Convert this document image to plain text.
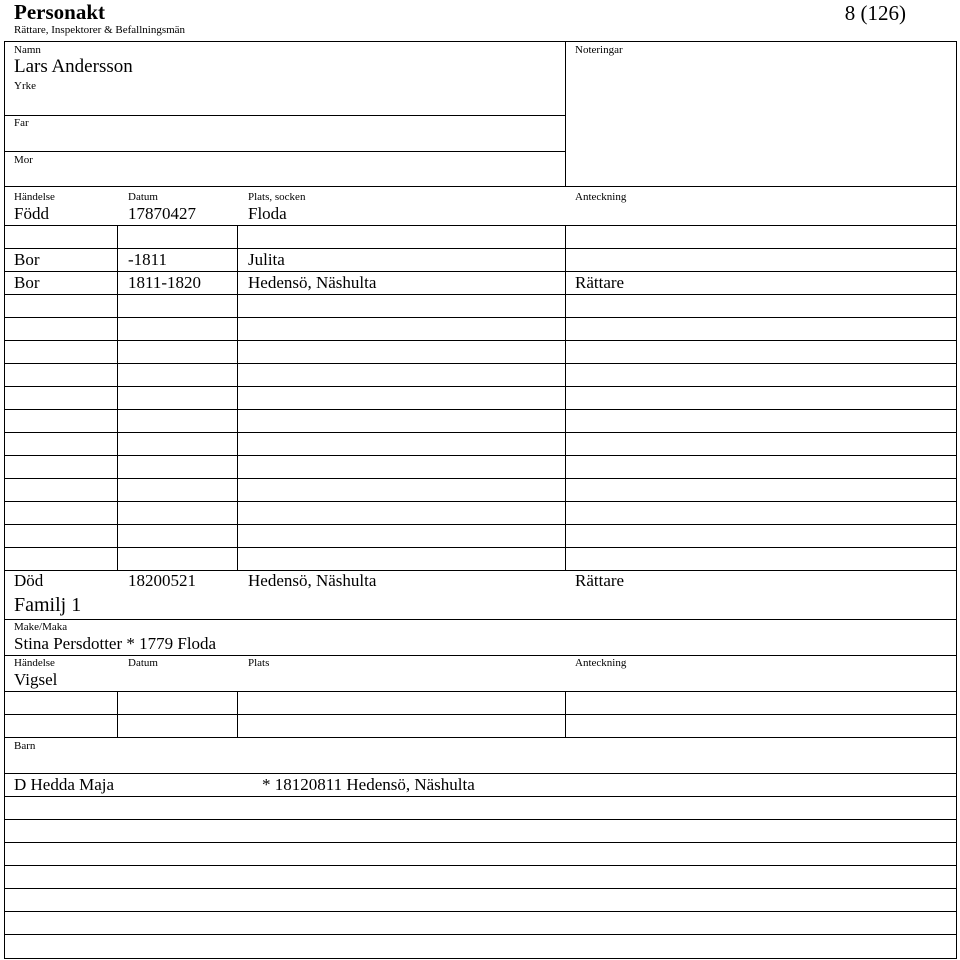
Personakt
Rättare, Inspektorer & Befallningsmän
8 (126)
Namn
Lars Andersson
Yrke
Far
Mor
Noteringar
Händelse	Datum	Plats, socken	Anteckning
Född	17870427	Floda
Bor	-1811	Julita
Bor	1811-1820	Hedensö, Näshulta	Rättare
Död	18200521	Hedensö, Näshulta	Rättare
Familj 1
Make/Maka
Stina Persdotter * 1779 Floda
Händelse	Datum	Plats	Anteckning
Vigsel
Barn
D Hedda Maja	* 18120811 Hedensö, Näshulta
